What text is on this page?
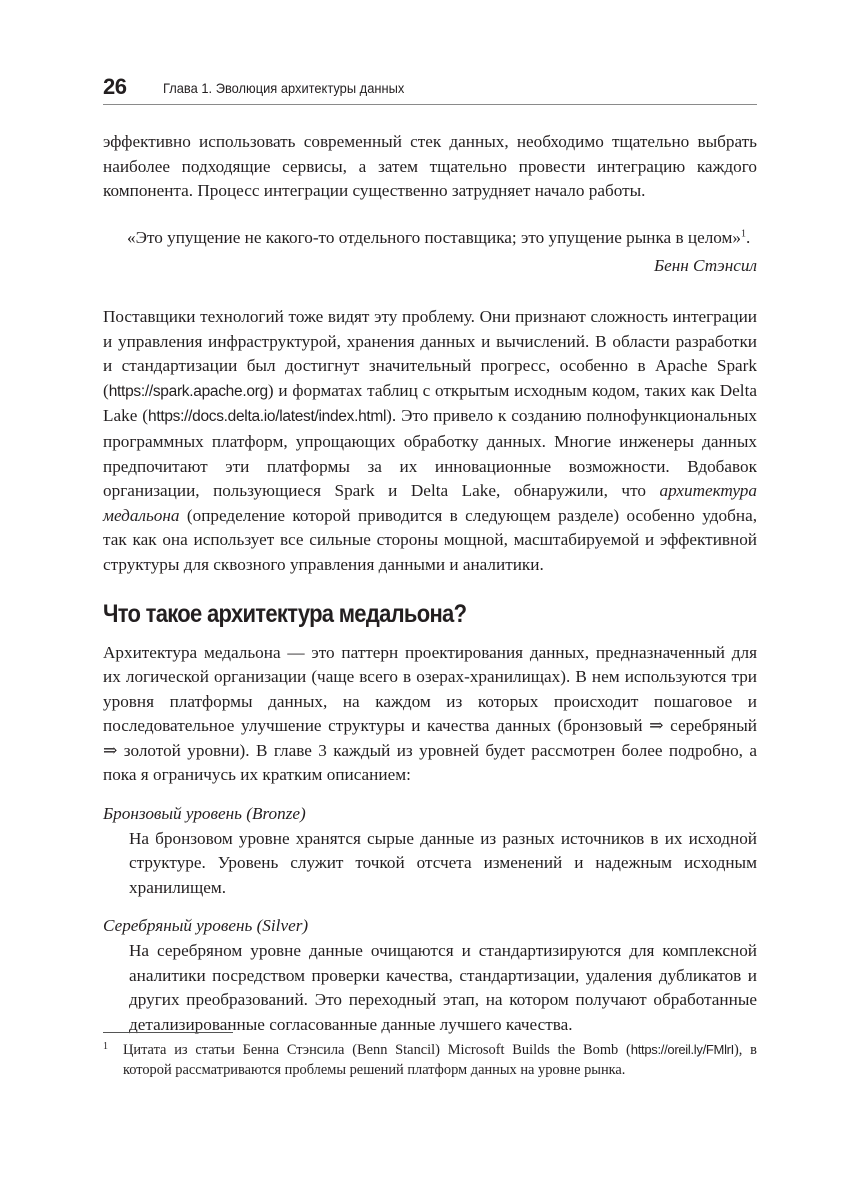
26	Глава 1. Эволюция архитектуры данных

эффективно использовать современный стек данных, необходимо тщательно выбрать наиболее подходящие сервисы, а затем тщательно провести интеграцию каждого компонента. Процесс интеграции существенно затрудняет начало работы.

«Это упущение не какого-то отдельного поставщика; это упущение рынка в целом»$^1$.

Бенн Стэнсил

Поставщики технологий тоже видят эту проблему. Они признают сложность интеграции и управления инфраструктурой, хранения данных и вычислений. В области разработки и стандартизации был достигнут значительный прогресс, особенно в Apache Spark (https://spark.apache.org) и форматах таблиц с открытым исходным кодом, таких как Delta Lake (https://docs.delta.io/latest/index.html). Это привело к созданию полнофункциональных программных платформ, упрощающих обработку данных. Многие инженеры данных предпочитают эти платформы за их инновационные возможности. Вдобавок организации, пользующиеся Spark и Delta Lake, обнаружили, что архитектура медальона (определение которой приводится в следующем разделе) особенно удобна, так как она использует все сильные стороны мощной, масштабируемой и эффективной структуры для сквозного управления данными и аналитики.

Что такое архитектура медальона?

Архитектура медальона — это паттерн проектирования данных, предназначенный для их логической организации (чаще всего в озерах-хранилищах). В нем используются три уровня платформы данных, на каждом из которых происходит пошаговое и последовательное улучшение структуры и качества данных (бронзовый ⇒ серебряный ⇒ золотой уровни). В главе 3 каждый из уровней будет рассмотрен более подробно, а пока я ограничусь их кратким описанием:

Бронзовый уровень (Bronze)

На бронзовом уровне хранятся сырые данные из разных источников в их исходной структуре. Уровень служит точкой отсчета изменений и надежным исходным хранилищем.

Серебряный уровень (Silver)

На серебряном уровне данные очищаются и стандартизируются для комплексной аналитики посредством проверки качества, стандартизации, удаления дубликатов и других преобразований. Это переходный этап, на котором получают обработанные детализированные согласованные данные лучшего качества.

1	Цитата из статьи Бенна Стэнсила (Benn Stancil) Microsoft Builds the Bomb (https://oreil.ly/FMlrI), в которой рассматриваются проблемы решений платформ данных на уровне рынка.
